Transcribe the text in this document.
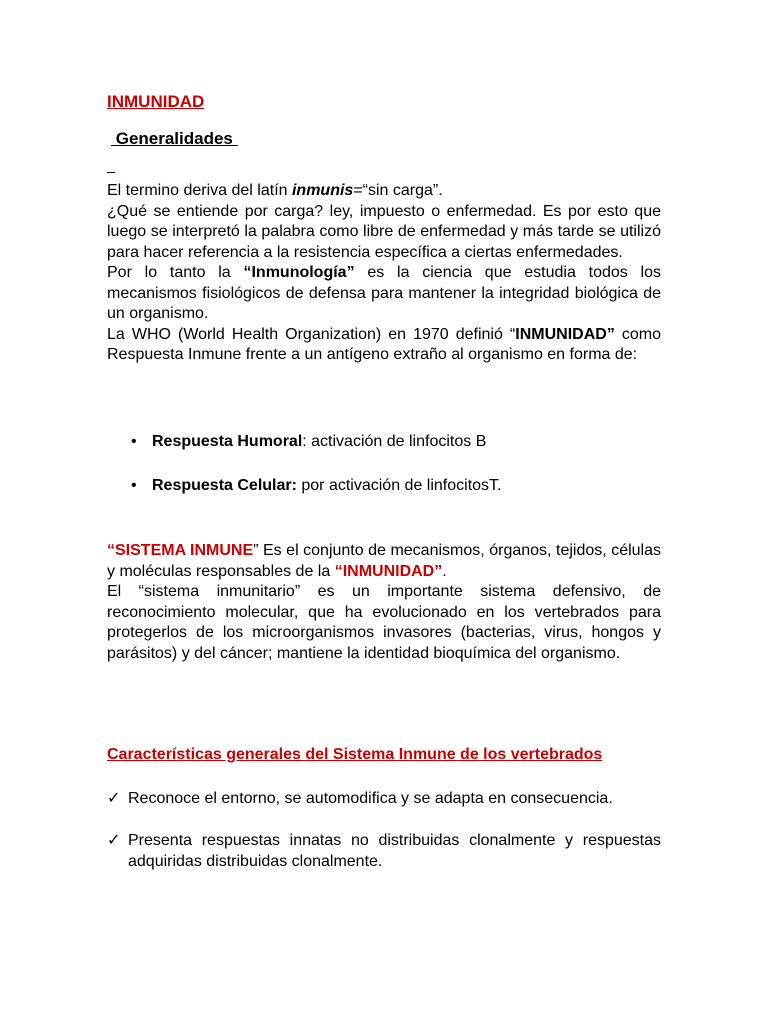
INMUNIDAD

Generalidades

El termino deriva del latín inmunis=“sin carga”.

¿Qué se entiende por carga? ley, impuesto o enfermedad. Es por esto que luego se interpretó la palabra como libre de enfermedad y más tarde se utilizó para hacer referencia a la resistencia específica a ciertas enfermedades.

Por lo tanto la “Inmunología” es la ciencia que estudia todos los mecanismos fisiológicos de defensa para mantener la integridad biológica de un organismo.

La WHO (World Health Organization) en 1970 definió “INMUNIDAD” como Respuesta Inmune frente a un antígeno extraño al organismo en forma de:

• Respuesta Humoral: activación de linfocitos B
• Respuesta Celular: por activación de linfocitosT.

“SISTEMA INMUNE” Es el conjunto de mecanismos, órganos, tejidos, células y moléculas responsables de la “INMUNIDAD”.

El “sistema inmunitario” es un importante sistema defensivo, de reconocimiento molecular, que ha evolucionado en los vertebrados para protegerlos de los microorganismos invasores (bacterias, virus, hongos y parásitos) y del cáncer; mantiene la identidad bioquímica del organismo.

Características generales del Sistema Inmune de los vertebrados

✓ Reconoce el entorno, se automodifica y se adapta en consecuencia.
✓ Presenta respuestas innatas no distribuidas clonalmente y respuestas adquiridas distribuidas clonalmente.
